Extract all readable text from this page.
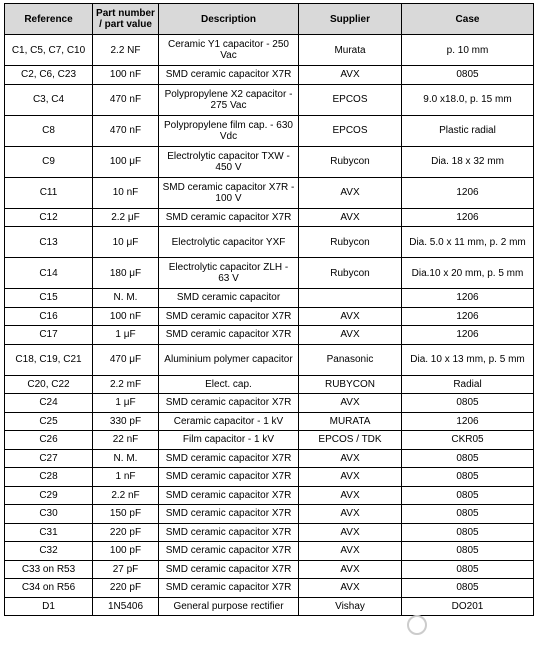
Reference	Part number / part value	Description	Supplier	Case
C1, C5, C7, C10	2.2 NF	Ceramic Y1 capacitor - 250 Vac	Murata	p. 10 mm
C2, C6, C23	100 nF	SMD ceramic capacitor X7R	AVX	0805
C3, C4	470 nF	Polypropylene X2 capacitor - 275 Vac	EPCOS	9.0 x18.0, p. 15 mm
C8	470 nF	Polypropylene film cap. - 630 Vdc	EPCOS	Plastic radial
C9	100 μF	Electrolytic capacitor TXW - 450 V	Rubycon	Dia. 18 x 32 mm
C11	10 nF	SMD ceramic capacitor X7R - 100 V	AVX	1206
C12	2.2 μF	SMD ceramic capacitor X7R	AVX	1206
C13	10 μF	Electrolytic capacitor YXF	Rubycon	Dia. 5.0 x 11 mm, p. 2 mm
C14	180 μF	Electrolytic capacitor ZLH - 63 V	Rubycon	Dia.10 x 20 mm, p. 5 mm
C15	N. M.	SMD ceramic capacitor		1206
C16	100 nF	SMD ceramic capacitor X7R	AVX	1206
C17	1 μF	SMD ceramic capacitor X7R	AVX	1206
C18, C19, C21	470 μF	Aluminium polymer capacitor	Panasonic	Dia. 10 x 13 mm, p. 5 mm
C20, C22	2.2 mF	Elect. cap.	RUBYCON	Radial
C24	1 μF	SMD ceramic capacitor X7R	AVX	0805
C25	330 pF	Ceramic capacitor - 1 kV	MURATA	1206
C26	22 nF	Film capacitor - 1 kV	EPCOS / TDK	CKR05
C27	N. M.	SMD ceramic capacitor X7R	AVX	0805
C28	1 nF	SMD ceramic capacitor X7R	AVX	0805
C29	2.2 nF	SMD ceramic capacitor X7R	AVX	0805
C30	150 pF	SMD ceramic capacitor X7R	AVX	0805
C31	220 pF	SMD ceramic capacitor X7R	AVX	0805
C32	100 pF	SMD ceramic capacitor X7R	AVX	0805
C33 on R53	27 pF	SMD ceramic capacitor X7R	AVX	0805
C34 on R56	220 pF	SMD ceramic capacitor X7R	AVX	0805
D1	1N5406	General purpose rectifier	Vishay	DO201
